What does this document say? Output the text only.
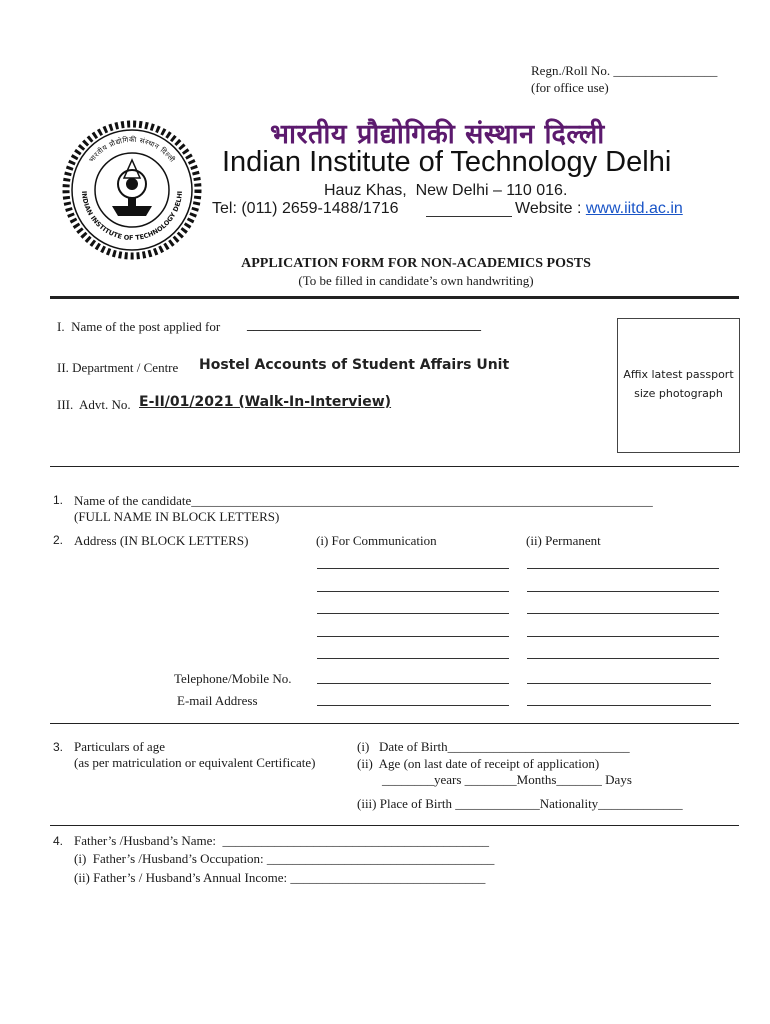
Regn./Roll No. ________________
(for office use)
भारतीय प्रौद्योगिकी संस्थान दिल्ली
INDIAN INSTITUTE OF TECHNOLOGY DELHI
भारतीय प्रौद्योगिकी संस्थान दिल्ली
Indian Institute of Technology Delhi
Hauz Khas,  New Delhi – 110 016.
Tel: (011) 2659-1488/1716	Website : www.iitd.ac.in
APPLICATION FORM FOR NON-ACADEMICS POSTS
(To be filled in candidate’s own handwriting)
I.  Name of the post applied for ____________________________________
II. Department / Centre Hostel Accounts of Student Affairs Unit
III.  Advt. No. E-II/01/2021 (Walk-In-Interview)
Affix latest passport size photograph
1. Name of the candidate_______________________________________________________________________
(FULL NAME IN BLOCK LETTERS)
2. Address (IN BLOCK LETTERS)	(i) For Communication	(ii) Permanent
Telephone/Mobile No.
E-mail Address
3. Particulars of age
(as per matriculation or equivalent Certificate)
(i)   Date of Birth____________________________
(ii)  Age (on last date of receipt of application)
________years ________Months_______ Days
(iii) Place of Birth _____________Nationality_____________
4. Father’s /Husband’s Name:  _________________________________________
(i)  Father’s /Husband’s Occupation: ___________________________________
(ii) Father’s / Husband’s Annual Income: ______________________________
